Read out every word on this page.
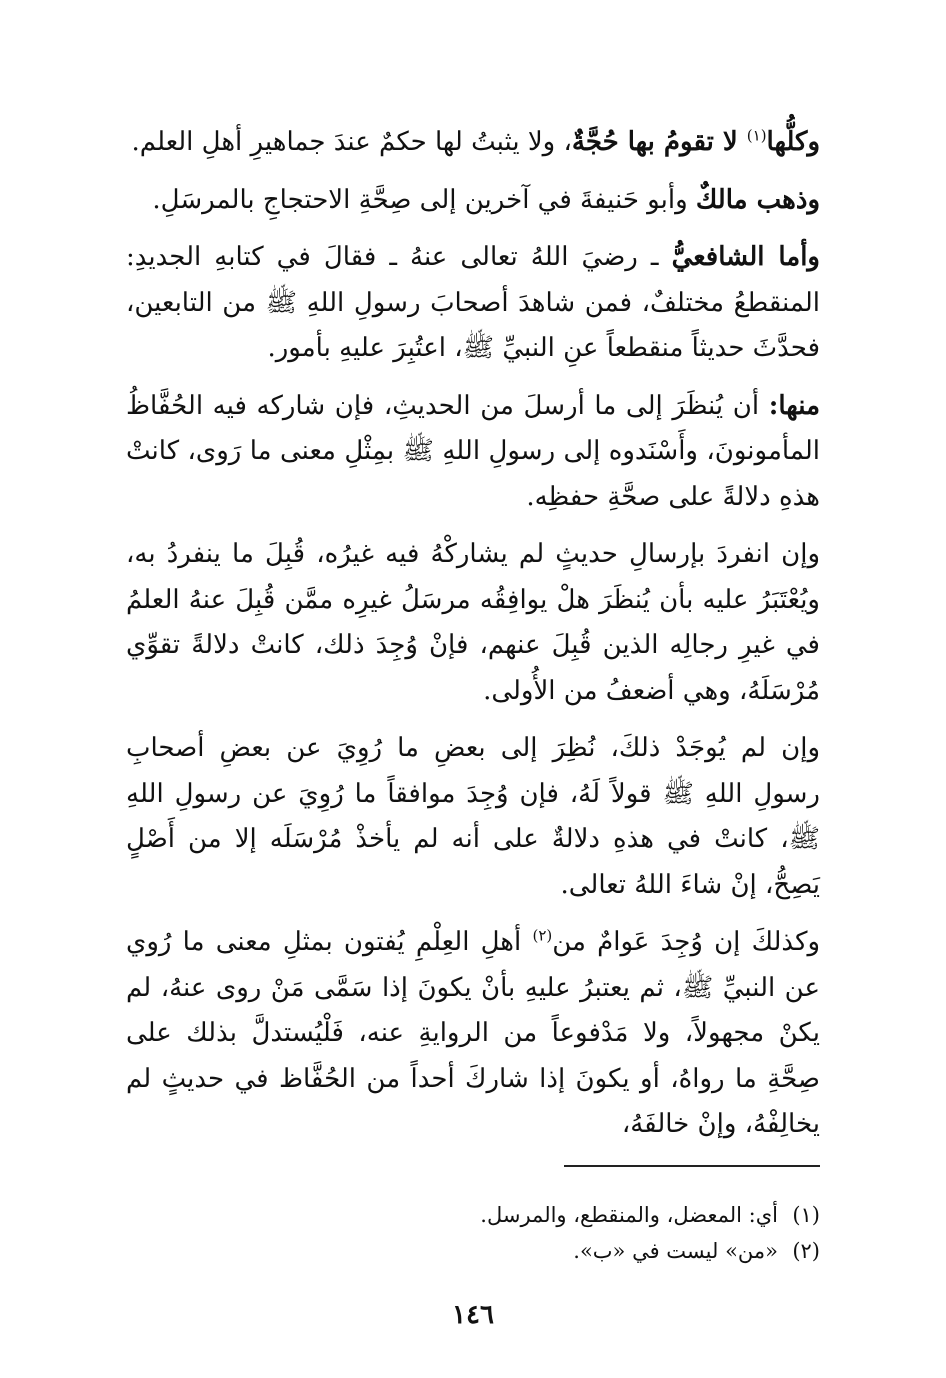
وكلُّها$^{(١)}$ لا تقومُ بها حُجَّةٌ، ولا يثبتُ لها حكمٌ عندَ جماهيرِ أهلِ العلم.

وذهب مالكٌ وأبو حَنيفةَ في آخرين إلى صِحَّةِ الاحتجاجِ بالمرسَلِ.

وأما الشافعيُّ ـ رضيَ اللهُ تعالى عنهُ ـ فقالَ في كتابهِ الجديدِ: المنقطعُ مختلفٌ، فمن شاهدَ أصحابَ رسولِ اللهِ ﷺ من التابعين، فحدَّثَ حديثاً منقطعاً عنِ النبيِّ ﷺ، اعتُبِرَ عليهِ بأمور.

منها: أن يُنظَرَ إلى ما أرسلَ من الحديثِ، فإن شاركه فيه الحُفَّاظُ المأمونونَ، وأَسْنَدوه إلى رسولِ اللهِ ﷺ بمِثْلِ معنى ما رَوى، كانتْ هذهِ دلالةً على صحَّةِ حفظِه.

وإن انفردَ بإرسالِ حديثٍ لم يشاركْهُ فيه غيرُه، قُبِلَ ما ينفردُ به، ويُعْتَبَرُ عليه بأن يُنظَرَ هلْ يوافِقُه مرسَلُ غيرِه ممَّن قُبِلَ عنهُ العلمُ في غيرِ رجالِه الذين قُبِلَ عنهم، فإنْ وُجِدَ ذلك، كانتْ دلالةً تقوِّي مُرْسَلَهُ، وهي أضعفُ من الأُولى.

وإن لم يُوجَدْ ذلكَ، نُظِرَ إلى بعضِ ما رُوِيَ عن بعضِ أصحابِ رسولِ اللهِ ﷺ قولاً لَهُ، فإن وُجِدَ موافقاً ما رُوِيَ عن رسولِ اللهِ ﷺ، كانتْ في هذهِ دلالةٌ على أنه لم يأخذْ مُرْسَلَه إلا من أَصْلٍ يَصِحُّ، إنْ شاءَ اللهُ تعالى.

وكذلكَ إن وُجِدَ عَوامٌ من$^{(٢)}$ أهلِ العِلْمِ يُفتون بمثلِ معنى ما رُوي عن النبيِّ ﷺ، ثم يعتبرُ عليهِ بأنْ يكونَ إذا سَمَّى مَنْ روى عنهُ، لم يكنْ مجهولاً، ولا مَدْفوعاً من الروايةِ عنه، فَلْيُستدلَّ بذلك على صِحَّةِ ما رواهُ، أو يكونَ إذا شاركَ أحداً من الحُفَّاظ في حديثٍ لم يخالِفْهُ، وإنْ خالفَهُ،

(١)أي: المعضل، والمنقطع، والمرسل.
(٢)«من» ليست في «ب».
١٤٦
